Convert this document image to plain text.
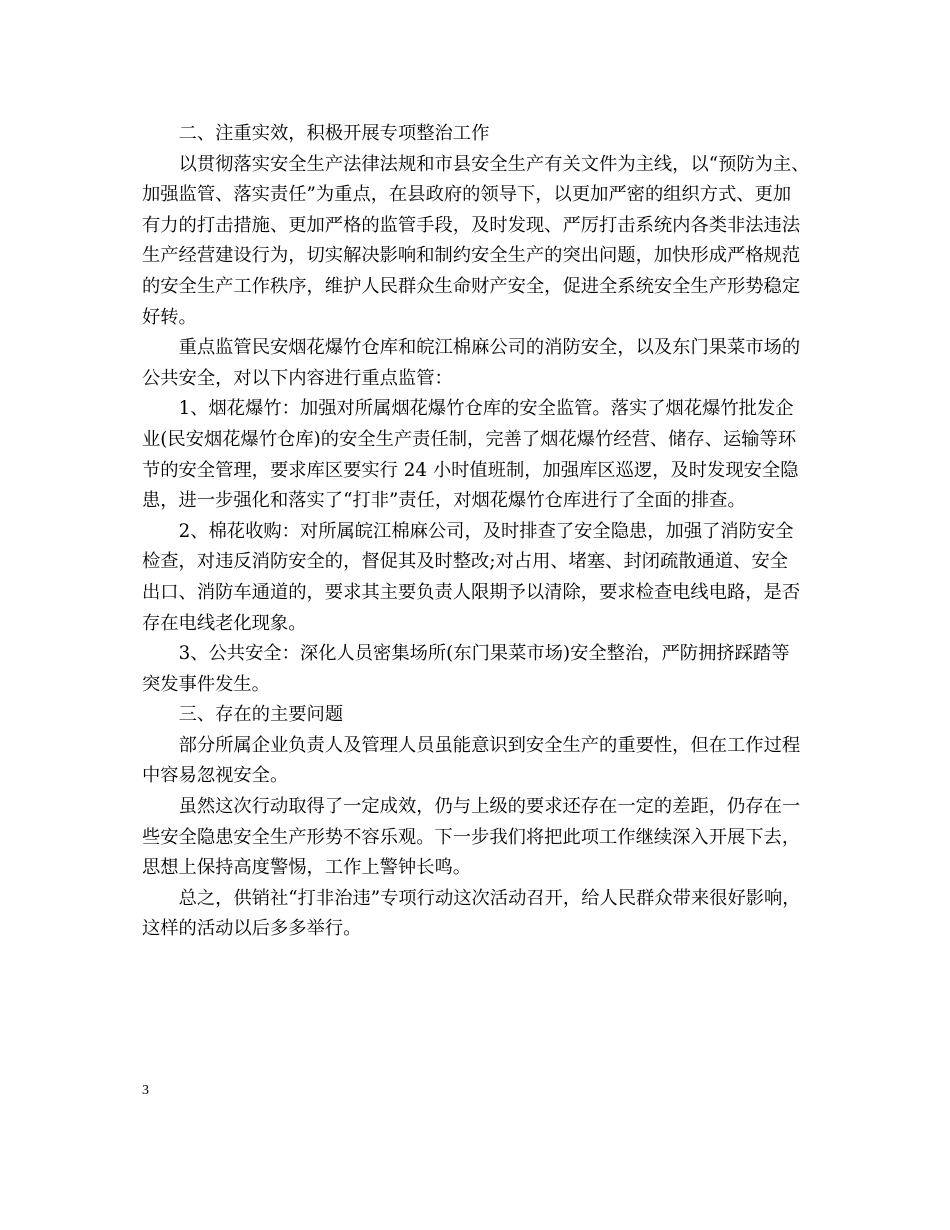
二、注重实效，积极开展专项整治工作

以贯彻落实安全生产法律法规和市县安全生产有关文件为主线，以“预防为主、
加强监管、落实责任”为重点，在县政府的领导下，以更加严密的组织方式、更加
有力的打击措施、更加严格的监管手段，及时发现、严厉打击系统内各类非法违法
生产经营建设行为，切实解决影响和制约安全生产的突出问题，加快形成严格规范
的安全生产工作秩序，维护人民群众生命财产安全，促进全系统安全生产形势稳定
好转。

重点监管民安烟花爆竹仓库和皖江棉麻公司的消防安全，以及东门果菜市场的
公共安全，对以下内容进行重点监管：

1、烟花爆竹：加强对所属烟花爆竹仓库的安全监管。落实了烟花爆竹批发企
业(民安烟花爆竹仓库)的安全生产责任制，完善了烟花爆竹经营、储存、运输等环
节的安全管理，要求库区要实行 24 小时值班制，加强库区巡逻，及时发现安全隐
患，进一步强化和落实了“打非”责任，对烟花爆竹仓库进行了全面的排查。

2、棉花收购：对所属皖江棉麻公司，及时排查了安全隐患，加强了消防安全
检查，对违反消防安全的，督促其及时整改;对占用、堵塞、封闭疏散通道、安全
出口、消防车通道的，要求其主要负责人限期予以清除，要求检查电线电路，是否
存在电线老化现象。

3、公共安全：深化人员密集场所(东门果菜市场)安全整治，严防拥挤踩踏等
突发事件发生。

三、存在的主要问题

部分所属企业负责人及管理人员虽能意识到安全生产的重要性，但在工作过程
中容易忽视安全。

虽然这次行动取得了一定成效，仍与上级的要求还存在一定的差距，仍存在一
些安全隐患安全生产形势不容乐观。下一步我们将把此项工作继续深入开展下去，
思想上保持高度警惕，工作上警钟长鸣。

总之，供销社“打非治违”专项行动这次活动召开，给人民群众带来很好影响，
这样的活动以后多多举行。

3
